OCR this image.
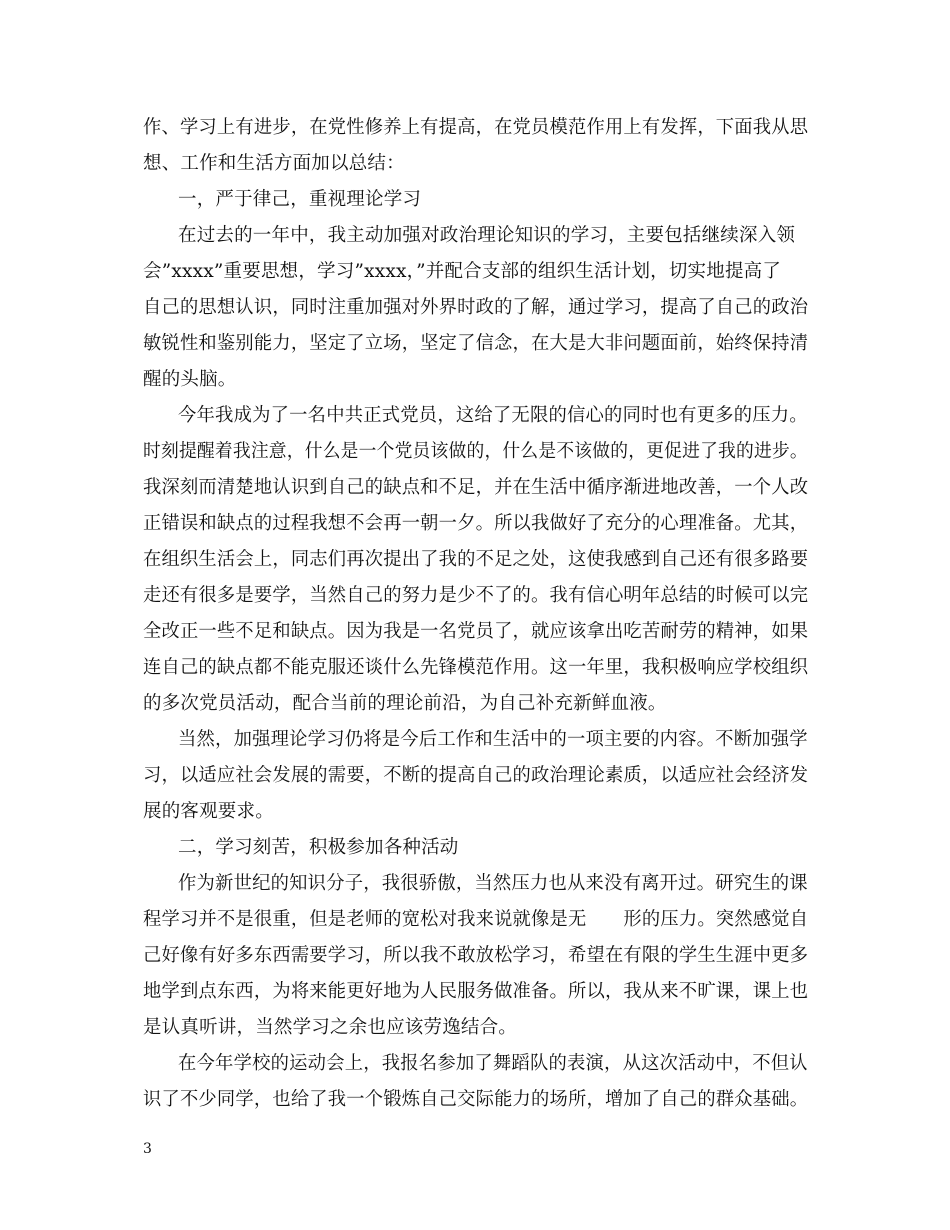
作、学习上有进步，在党性修养上有提高，在党员模范作用上有发挥，下面我从思
想、工作和生活方面加以总结：
一，严于律己，重视理论学习
在过去的一年中，我主动加强对政治理论知识的学习，主要包括继续深入领
会”xxxx”重要思想，学习”xxxx，”并配合支部的组织生活计划，切实地提高了
自己的思想认识，同时注重加强对外界时政的了解，通过学习，提高了自己的政治
敏锐性和鉴别能力，坚定了立场，坚定了信念，在大是大非问题面前，始终保持清
醒的头脑。
今年我成为了一名中共正式党员，这给了无限的信心的同时也有更多的压力。
时刻提醒着我注意，什么是一个党员该做的，什么是不该做的，更促进了我的进步。
我深刻而清楚地认识到自己的缺点和不足，并在生活中循序渐进地改善，一个人改
正错误和缺点的过程我想不会再一朝一夕。所以我做好了充分的心理准备。尤其，
在组织生活会上，同志们再次提出了我的不足之处，这使我感到自己还有很多路要
走还有很多是要学，当然自己的努力是少不了的。我有信心明年总结的时候可以完
全改正一些不足和缺点。因为我是一名党员了，就应该拿出吃苦耐劳的精神，如果
连自己的缺点都不能克服还谈什么先锋模范作用。这一年里，我积极响应学校组织
的多次党员活动，配合当前的理论前沿，为自己补充新鲜血液。
当然，加强理论学习仍将是今后工作和生活中的一项主要的内容。不断加强学
习，以适应社会发展的需要，不断的提高自己的政治理论素质，以适应社会经济发
展的客观要求。
二，学习刻苦，积极参加各种活动
作为新世纪的知识分子，我很骄傲，当然压力也从来没有离开过。研究生的课
程学习并不是很重，但是老师的宽松对我来说就像是无　　形的压力。突然感觉自
己好像有好多东西需要学习，所以我不敢放松学习，希望在有限的学生生涯中更多
地学到点东西，为将来能更好地为人民服务做准备。所以，我从来不旷课，课上也
是认真听讲，当然学习之余也应该劳逸结合。
在今年学校的运动会上，我报名参加了舞蹈队的表演，从这次活动中，不但认
识了不少同学，也给了我一个锻炼自己交际能力的场所，增加了自己的群众基础。
3
